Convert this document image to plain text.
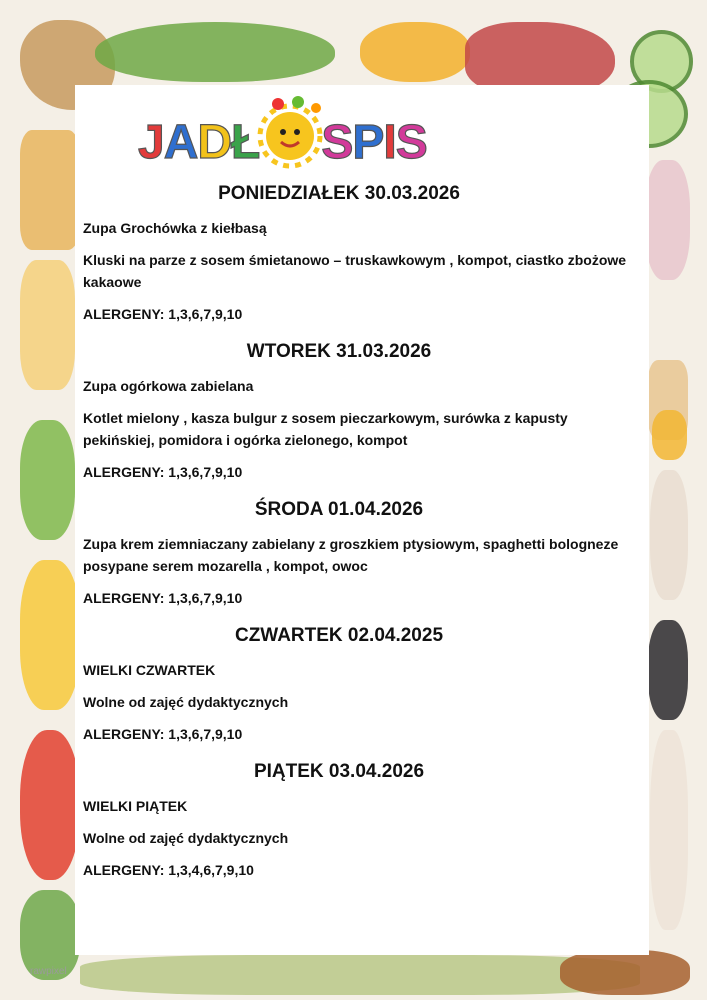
JADŁ SPIS
PONIEDZIAŁEK 30.03.2026

Zupa Grochówka z kiełbasą

Kluski na parze z sosem śmietanowo – truskawkowym , kompot, ciastko zbożowe kakaowe

ALERGENY: 1,3,6,7,9,10

WTOREK 31.03.2026

Zupa ogórkowa zabielana

Kotlet mielony , kasza bulgur z sosem pieczarkowym, surówka z kapusty pekińskiej, pomidora i ogórka zielonego, kompot

ALERGENY: 1,3,6,7,9,10

ŚRODA 01.04.2026

Zupa krem ziemniaczany zabielany z groszkiem ptysiowym, spaghetti bologneze posypane serem mozarella , kompot, owoc

ALERGENY: 1,3,6,7,9,10

CZWARTEK 02.04.2025

WIELKI CZWARTEK

Wolne od zajęć dydaktycznych

ALERGENY: 1,3,6,7,9,10

PIĄTEK 03.04.2026

WIELKI PIĄTEK

Wolne od zajęć dydaktycznych

ALERGENY: 1,3,4,6,7,9,10

rawpixel
